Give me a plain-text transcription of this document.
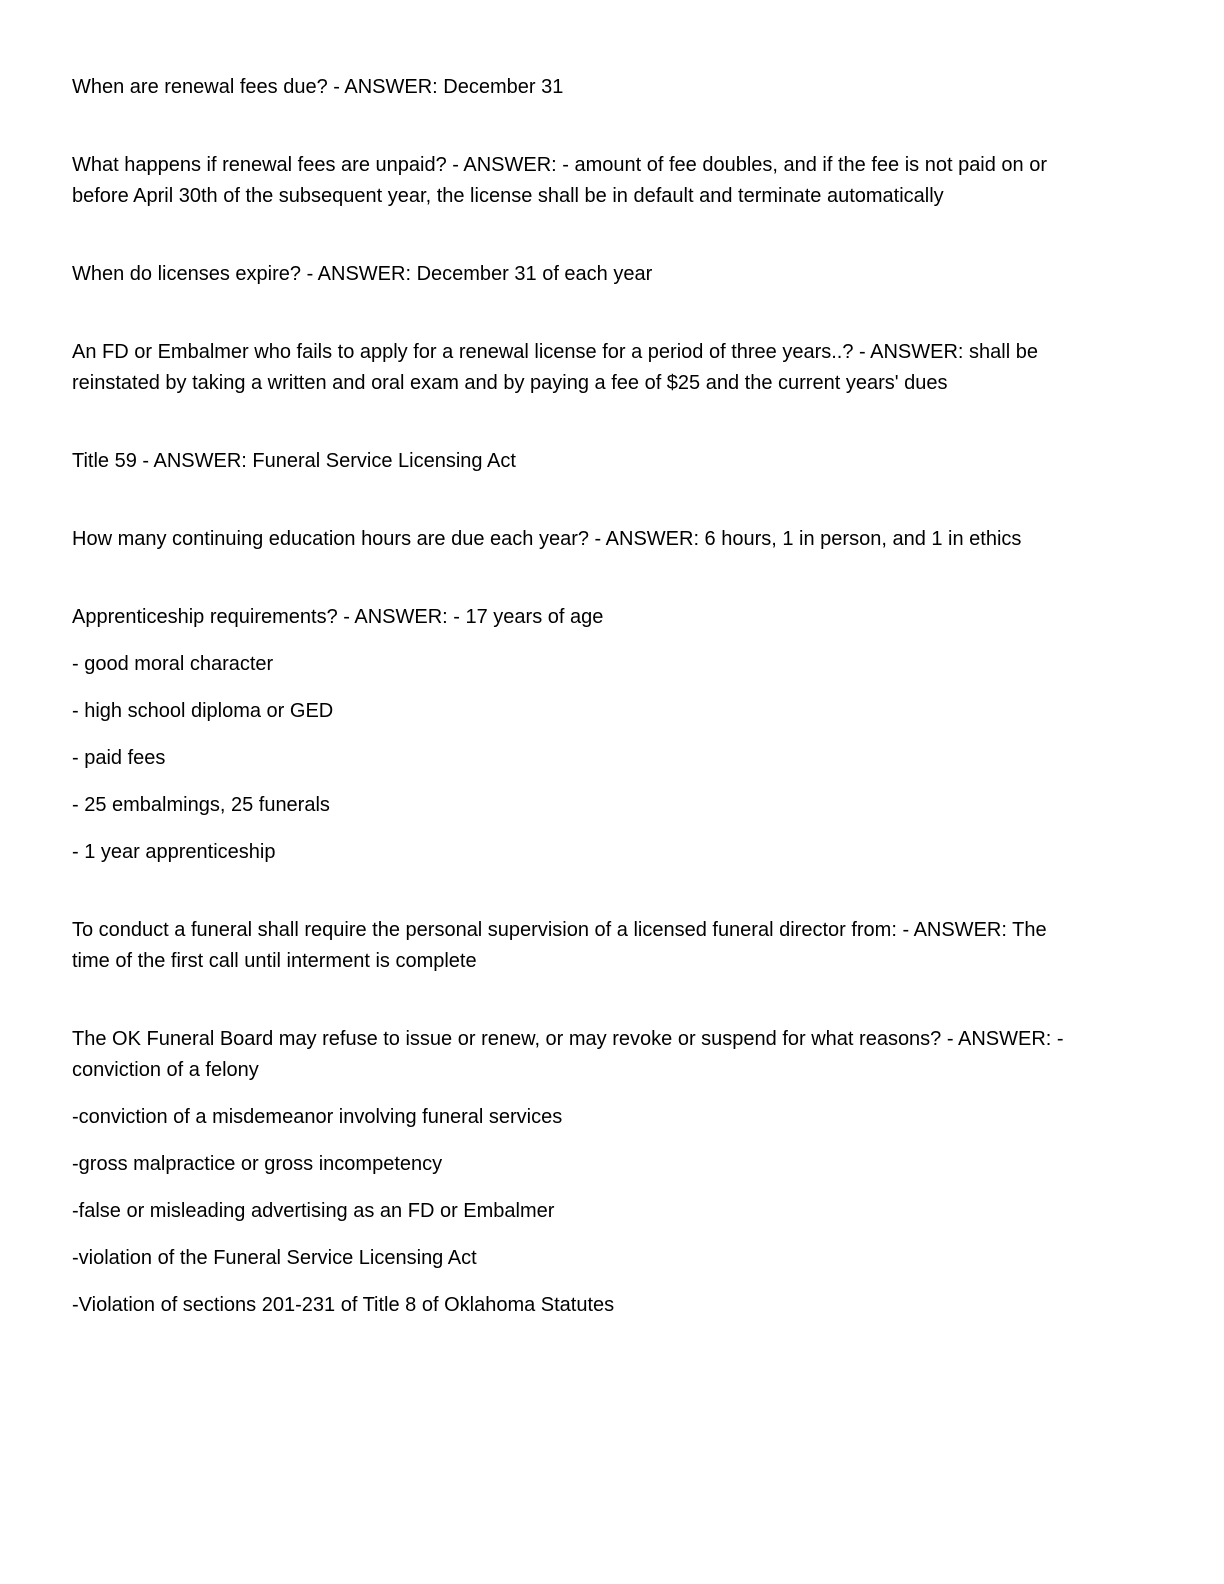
When are renewal fees due? - ANSWER: December 31
What happens if renewal fees are unpaid? - ANSWER: - amount of fee doubles, and if the fee is not paid on or
before April 30th of the subsequent year, the license shall be in default and terminate automatically
When do licenses expire? - ANSWER: December 31 of each year
An FD or Embalmer who fails to apply for a renewal license for a period of three years..? - ANSWER: shall be
reinstated by taking a written and oral exam and by paying a fee of $25 and the current years' dues
Title 59 - ANSWER: Funeral Service Licensing Act
How many continuing education hours are due each year? - ANSWER: 6 hours, 1 in person, and 1 in ethics
Apprenticeship requirements? - ANSWER: - 17 years of age
- good moral character
- high school diploma or GED
- paid fees
- 25 embalmings, 25 funerals
- 1 year apprenticeship
To conduct a funeral shall require the personal supervision of a licensed funeral director from: - ANSWER: The
time of the first call until interment is complete
The OK Funeral Board may refuse to issue or renew, or may revoke or suspend for what reasons? - ANSWER: -
conviction of a felony
-conviction of a misdemeanor involving funeral services
-gross malpractice or gross incompetency
-false or misleading advertising as an FD or Embalmer
-violation of the Funeral Service Licensing Act
-Violation of sections 201-231 of Title 8 of Oklahoma Statutes
